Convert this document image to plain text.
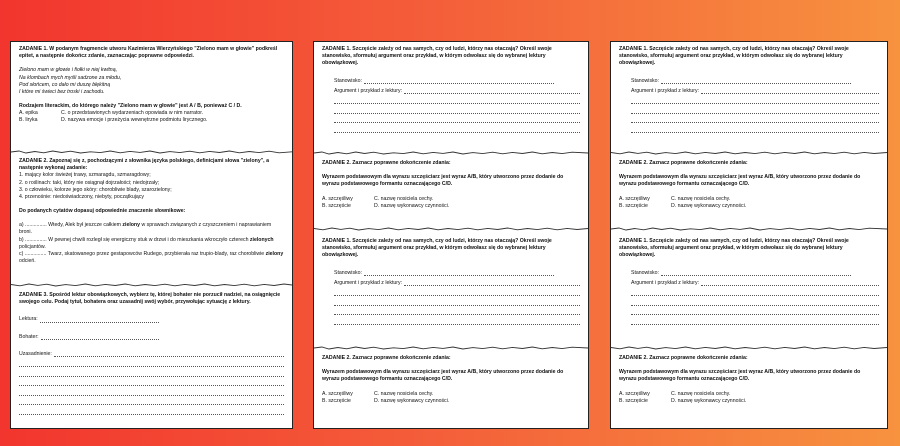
ZADANIE 1. W podanym fragmencie utworu Kazimierza Wierzyńskiego "Zielono mam w głowie" podkreśl epitet, a następnie dokończ zdanie, zaznaczając poprawne odpowiedzi.

Zielono mam w głowie i fiołki w niej kwitną,

Na klombach mych myśli sadzone za młodu,

Pod słońcem, co dało mi duszę błękitną

I które mi świeci bez troski i zachodu.

Rodzajem literackim, do którego należy "Zielono mam w głowie" jest A / B, ponieważ C / D.

A. epika	C. o przedstawionych wydarzeniach opowiada w nim narrator.
B. liryka	D. nazywa emocje i przeżycia wewnętrzne podmiotu lirycznego.

ZADANIE 2. Zapoznaj się z, pochodzącymi z słownika języka polskiego, definicjami słowa "zielony", a następnie wykonaj zadanie:

1. mający kolor świeżej trawy, szmaragdu, szmaragdowy;

2. o roślinach: taki, który nie osiągnął dojrzałości; niedojrzały;

3. o człowieku, kolorze jego skóry: chorobliwie blady, szarozielony;

4. przenośnie: niedoświadczony, niebyty, początkujący

Do podanych cytatów dopasuj odpowiednie znaczenie słownikowe:

a) ............... Wtedy, Alek był jeszcze całkiem zielony w sprawach związanych z czyszczeniem i naprawianiem broni.

b) ............... W pewnej chwili rozległ się energiczny stuk w drzwi i do mieszkania wkroczyło czterech zielonych policjantów.

c) ............... Twarz, skatowanego przez gestapowców Rudego, przybierała raz trupio-blady, raz chorobliwie zielony odcień.

ZADANIE 3. Spośród lektur obowiązkowych, wybierz tę, której bohater nie porzucił nadziei, na osiągnięcie swojego celu. Podaj tytuł, bohatera oraz uzasadnij swój wybór, przywołując sytuację z lektury.

Lektura:
Bohater:
Uzasadnienie:

ZADANIE 1. Szczęście zależy od nas samych, czy od ludzi, którzy nas otaczają? Określ swoje stanowisko, sformułuj argument oraz przykład, w którym odwołasz się do wybranej lektury obowiązkowej.

Stanowisko:
Argument i przykład z lektury:

ZADANIE 2. Zaznacz poprawne dokończenie zdania:

Wyrazem podstawowym dla wyrazu szczęściarz jest wyraz A/B, który utworzono przez dodanie do wyrazu podstawowego formantu oznaczającego C/D.

A. szczęśliwy	C. nazwę nosiciela cechy.
B. szczęście	D. nazwę wykonawcy czynności.

ZADANIE 1. Szczęście zależy od nas samych, czy od ludzi, którzy nas otaczają? Określ swoje stanowisko, sformułuj argument oraz przykład, w którym odwołasz się do wybranej lektury obowiązkowej.

Stanowisko:
Argument i przykład z lektury:

ZADANIE 2. Zaznacz poprawne dokończenie zdania:

Wyrazem podstawowym dla wyrazu szczęściarz jest wyraz A/B, który utworzono przez dodanie do wyrazu podstawowego formantu oznaczającego C/D.

A. szczęśliwy	C. nazwę nosiciela cechy.
B. szczęście	D. nazwę wykonawcy czynności.

ZADANIE 1. Szczęście zależy od nas samych, czy od ludzi, którzy nas otaczają? Określ swoje stanowisko, sformułuj argument oraz przykład, w którym odwołasz się do wybranej lektury obowiązkowej.

Stanowisko:
Argument i przykład z lektury:

ZADANIE 2. Zaznacz poprawne dokończenie zdania:

Wyrazem podstawowym dla wyrazu szczęściarz jest wyraz A/B, który utworzono przez dodanie do wyrazu podstawowego formantu oznaczającego C/D.

A. szczęśliwy	C. nazwę nosiciela cechy.
B. szczęście	D. nazwę wykonawcy czynności.

ZADANIE 1. Szczęście zależy od nas samych, czy od ludzi, którzy nas otaczają? Określ swoje stanowisko, sformułuj argument oraz przykład, w którym odwołasz się do wybranej lektury obowiązkowej.

Stanowisko:
Argument i przykład z lektury:

ZADANIE 2. Zaznacz poprawne dokończenie zdania:

Wyrazem podstawowym dla wyrazu szczęściarz jest wyraz A/B, który utworzono przez dodanie do wyrazu podstawowego formantu oznaczającego C/D.

A. szczęśliwy	C. nazwę nosiciela cechy.
B. szczęście	D. nazwę wykonawcy czynności.
